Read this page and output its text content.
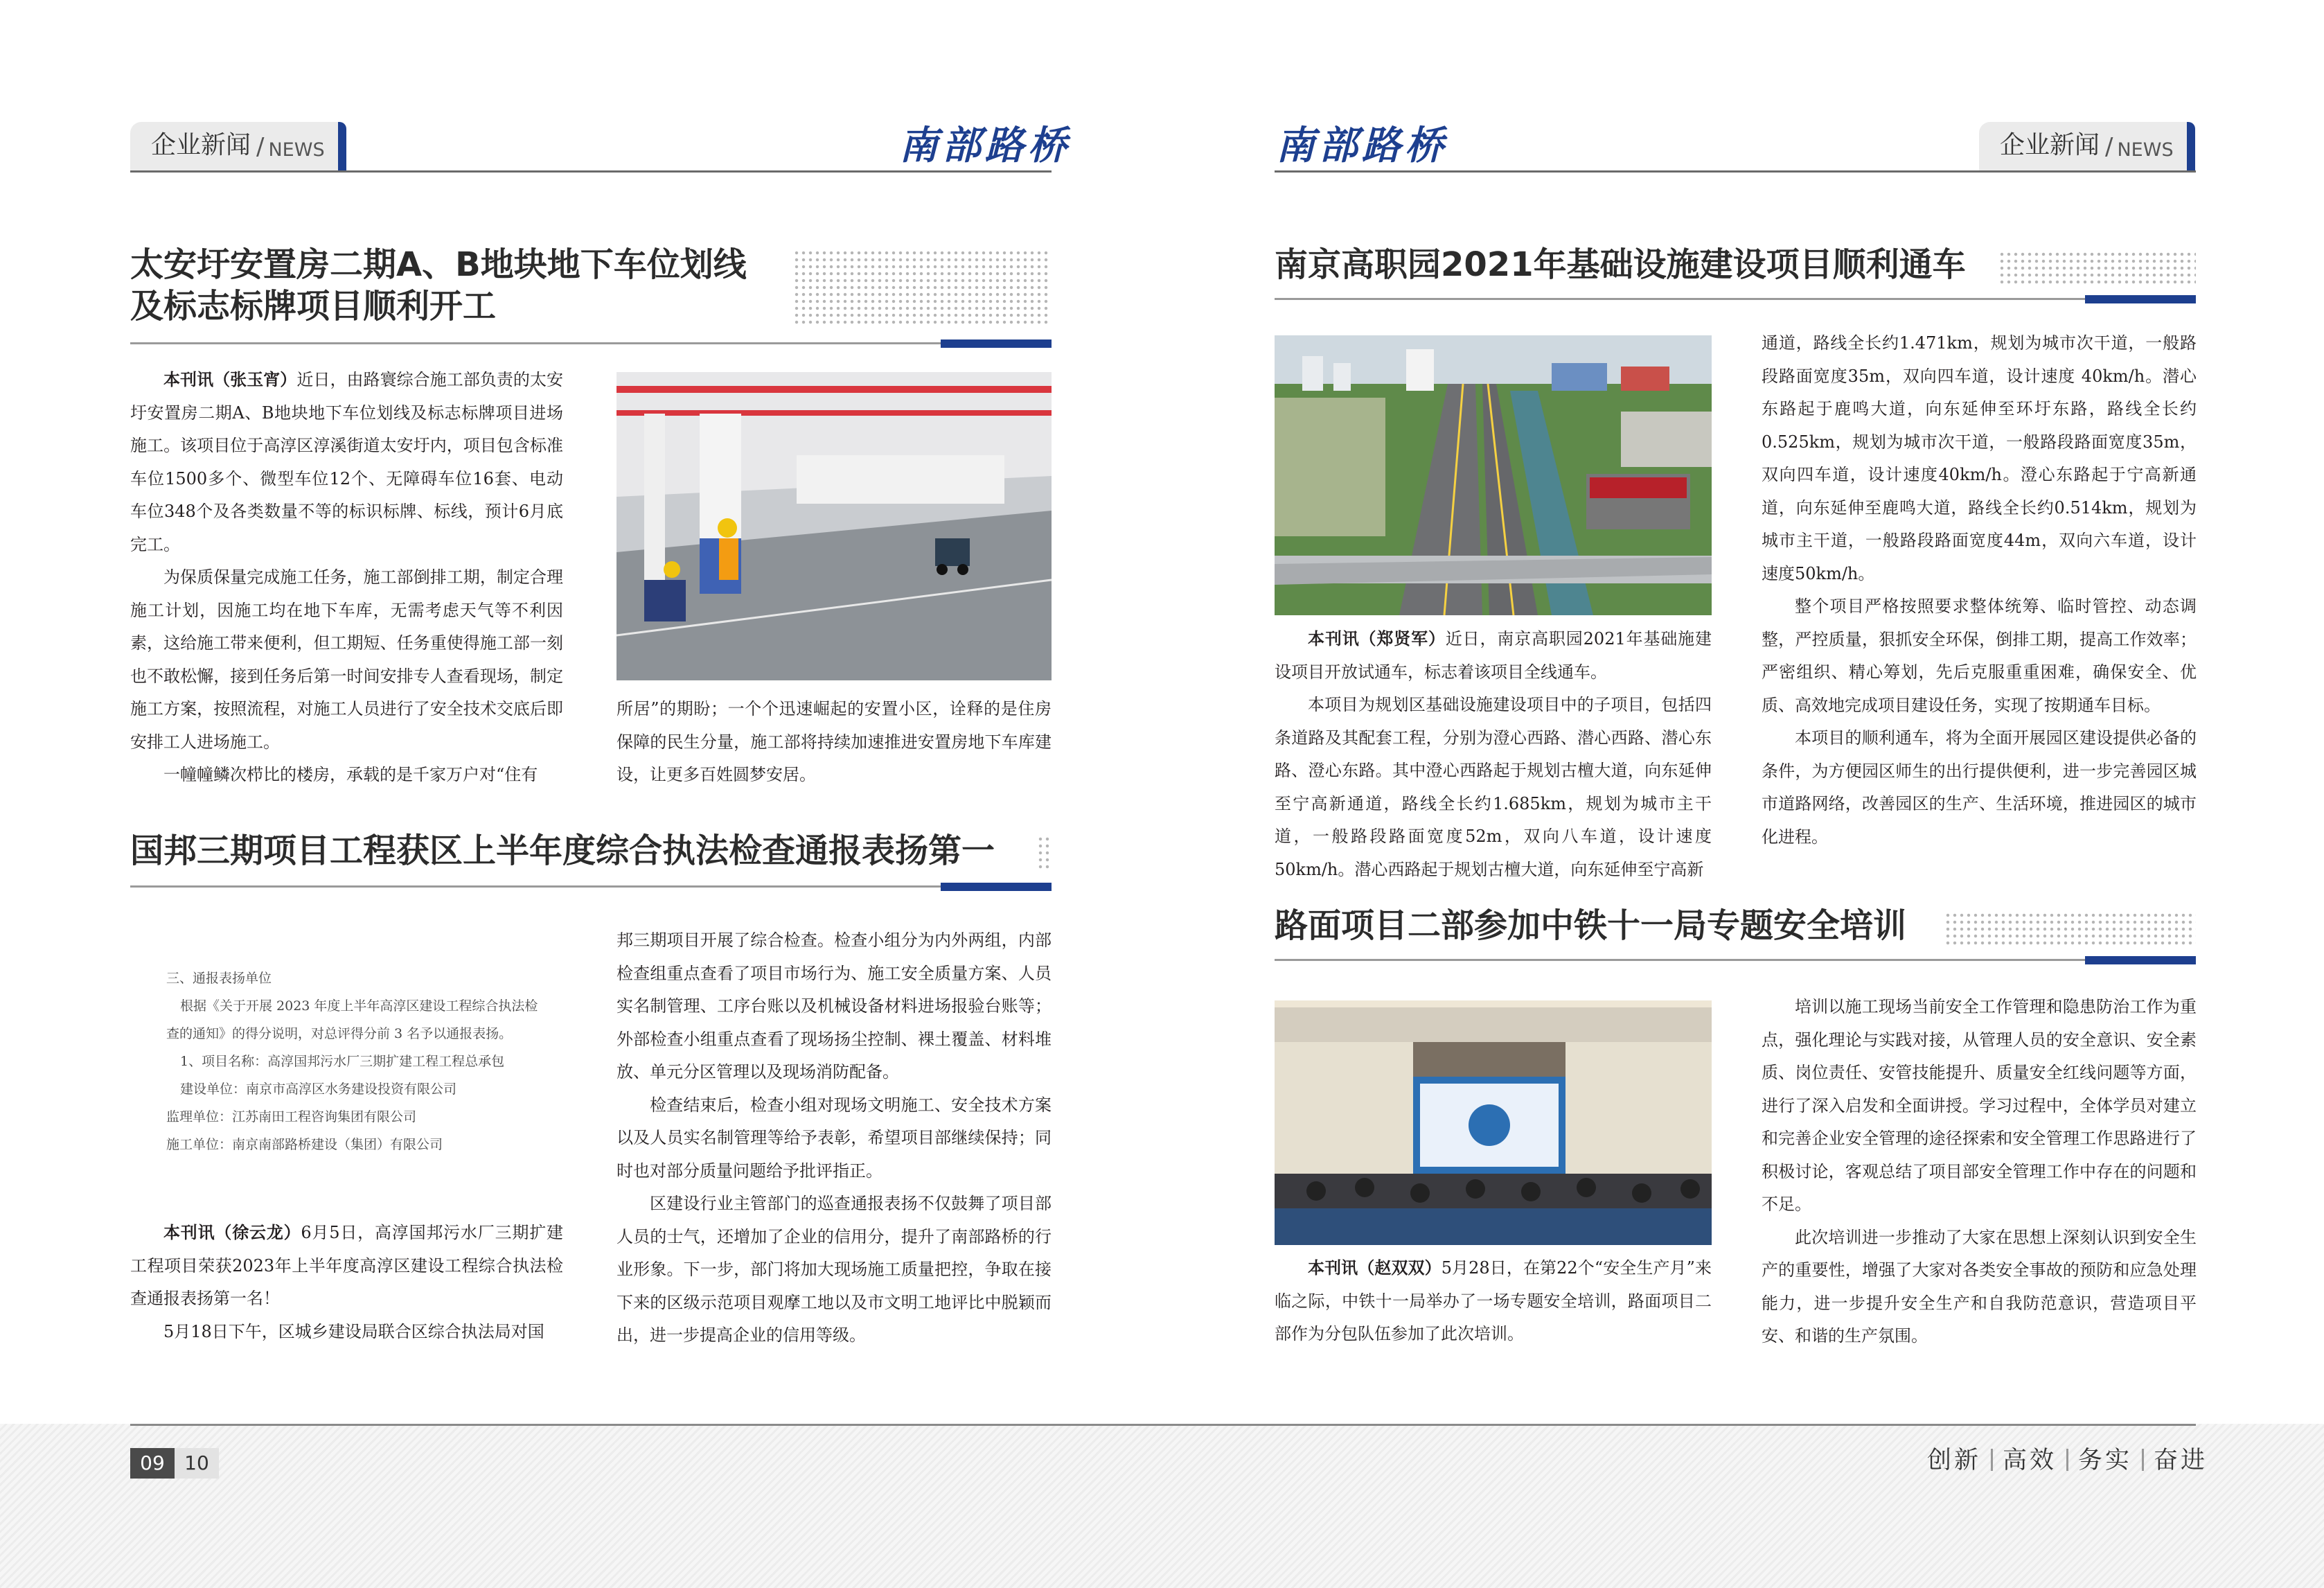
企业新闻 / NEWS	南部路桥	南部路桥	企业新闻 / NEWS
太安圩安置房二期A、B地块地下车位划线
及标志标牌项目顺利开工

本刊讯（张玉宵）近日，由路寰综合施工部负责的太安圩安置房二期A、B地块地下车位划线及标志标牌项目进场施工。该项目位于高淳区淳溪街道太安圩内，项目包含标准车位1500多个、微型车位12个、无障碍车位16套、电动车位348个及各类数量不等的标识标牌、标线，预计6月底完工。

为保质保量完成施工任务，施工部倒排工期，制定合理施工计划，因施工均在地下车库，无需考虑天气等不利因素，这给施工带来便利，但工期短、任务重使得施工部一刻也不敢松懈，接到任务后第一时间安排专人查看现场，制定施工方案，按照流程，对施工人员进行了安全技术交底后即安排工人进场施工。

一幢幢鳞次栉比的楼房，承载的是千家万户对“住有

所居”的期盼；一个个迅速崛起的安置小区，诠释的是住房保障的民生分量，施工部将持续加速推进安置房地下车库建设，让更多百姓圆梦安居。

国邦三期项目工程获区上半年度综合执法检查通报表扬第一
三、通报表扬单位
根据《关于开展 2023 年度上半年高淳区建设工程综合执法检
查的通知》的得分说明，对总评得分前 3 名予以通报表扬。
1、项目名称：高淳国邦污水厂三期扩建工程工程总承包
建设单位：南京市高淳区水务建设投资有限公司
监理单位：江苏南田工程咨询集团有限公司
施工单位：南京南部路桥建设（集团）有限公司

本刊讯（徐云龙）6月5日，高淳国邦污水厂三期扩建工程项目荣获2023年上半年度高淳区建设工程综合执法检查通报表扬第一名！

5月18日下午，区城乡建设局联合区综合执法局对国

邦三期项目开展了综合检查。检查小组分为内外两组，内部检查组重点查看了项目市场行为、施工安全质量方案、人员实名制管理、工序台账以及机械设备材料进场报验台账等；外部检查小组重点查看了现场扬尘控制、裸土覆盖、材料堆放、单元分区管理以及现场消防配备。

检查结束后，检查小组对现场文明施工、安全技术方案以及人员实名制管理等给予表彰，希望项目部继续保持；同时也对部分质量问题给予批评指正。

区建设行业主管部门的巡查通报表扬不仅鼓舞了项目部人员的士气，还增加了企业的信用分，提升了南部路桥的行业形象。下一步，部门将加大现场施工质量把控，争取在接下来的区级示范项目观摩工地以及市文明工地评比中脱颖而出，进一步提高企业的信用等级。

南京高职园2021年基础设施建设项目顺利通车

本刊讯（郑贤军）近日，南京高职园2021年基础施建设项目开放试通车，标志着该项目全线通车。

本项目为规划区基础设施建设项目中的子项目，包括四条道路及其配套工程，分别为澄心西路、潜心西路、潜心东路、澄心东路。其中澄心西路起于规划古檀大道，向东延伸至宁高新通道，路线全长约1.685km，规划为城市主干道，一般路段路面宽度52m，双向八车道，设计速度50km/h。潜心西路起于规划古檀大道，向东延伸至宁高新

通道，路线全长约1.471km，规划为城市次干道，一般路段路面宽度35m，双向四车道，设计速度 40km/h。潜心东路起于鹿鸣大道，向东延伸至环圩东路，路线全长约0.525km，规划为城市次干道，一般路段路面宽度35m，双向四车道，设计速度40km/h。澄心东路起于宁高新通道，向东延伸至鹿鸣大道，路线全长约0.514km，规划为城市主干道，一般路段路面宽度44m，双向六车道，设计速度50km/h。

整个项目严格按照要求整体统筹、临时管控、动态调整，严控质量，狠抓安全环保，倒排工期，提高工作效率；严密组织、精心筹划，先后克服重重困难，确保安全、优质、高效地完成项目建设任务，实现了按期通车目标。

本项目的顺利通车，将为全面开展园区建设提供必备的条件，为方便园区师生的出行提供便利，进一步完善园区城市道路网络，改善园区的生产、生活环境，推进园区的城市化进程。

路面项目二部参加中铁十一局专题安全培训

本刊讯（赵双双）5月28日，在第22个“安全生产月”来临之际，中铁十一局举办了一场专题安全培训，路面项目二部作为分包队伍参加了此次培训。

培训以施工现场当前安全工作管理和隐患防治工作为重点，强化理论与实践对接，从管理人员的安全意识、安全素质、岗位责任、安管技能提升、质量安全红线问题等方面，进行了深入启发和全面讲授。学习过程中，全体学员对建立和完善企业安全管理的途径探索和安全管理工作思路进行了积极讨论，客观总结了项目部安全管理工作中存在的问题和不足。

此次培训进一步推动了大家在思想上深刻认识到安全生产的重要性，增强了大家对各类安全事故的预防和应急处理能力，进一步提升安全生产和自我防范意识，营造项目平安、和谐的生产氛围。

09	10	创新 高效 务实 奋进
